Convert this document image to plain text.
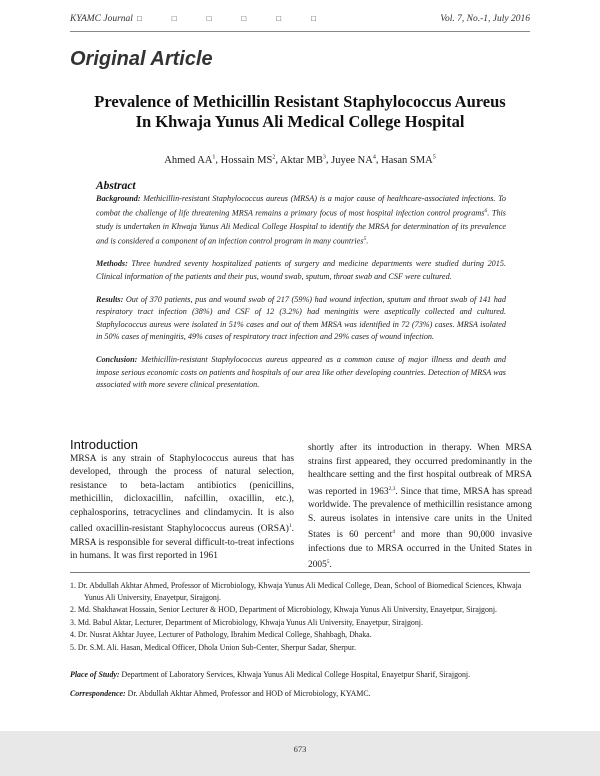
KYAMC Journal □ □ □ □ □ □	Vol. 7, No.-1, July 2016
Original Article
Prevalence of Methicillin Resistant Staphylococcus Aureus In Khwaja Yunus Ali Medical College Hospital
Ahmed $AA^1$, Hossain $MS^2$, Aktar $MB^3$, Juyee $NA^4$, Hasan SMA$^5$
Abstract

Background: Methicillin-resistant Staphylococcus aureus (MRSA) is a major cause of healthcare-associated infections. To combat the challenge of life threatening MRSA remains a primary focus of most hospital infection control programs$^6$. This study is undertaken in Khwaja Yunus Ali Medical College Hospital to identify the MRSA for determination of its prevalence and is considered a component of an infection control program in many countries$^5$.

Methods: Three hundred seventy hospitalized patients of surgery and medicine departments were studied during 2015. Clinical information of the patients and their pus, wound swab, sputum, throat swab and CSF were cultured.

Results: Out of 370 patients, pus and wound swab of 217 (59%) had wound infection, sputum and throat swab of 141 had respiratory tract infection (38%) and CSF of 12 (3.2%) had meningitis were aseptically collected and cultured. Staphylococcus aureus were isolated in 51% cases and out of them MRSA was identified in 72 (73%) cases. MRSA isolated in 50% cases of meningitis, 49% cases of respiratory tract infection and 29% cases of wound infection.

Conclusion: Methicillin-resistant Staphylococcus aureus appeared as a common cause of major illness and death and impose serious economic costs on patients and hospitals of our area like other developing countries. Detection of MRSA was associated with more severe clinical presentation.

Introduction

MRSA is any strain of Staphylococcus aureus that has developed, through the process of natural selection, resistance to beta-lactam antibiotics (penicillins, methicillin, dicloxacillin, nafcillin, oxacillin, etc.), cephalosporins, tetracyclines and clindamycin. It is also called oxacillin-resistant Staphylococcus aureus (ORSA)$^1$. MRSA is responsible for several difficult-to-treat infections in humans. It was first reported in 1961

shortly after its introduction in therapy. When MRSA strains first appeared, they occurred predominantly in the healthcare setting and the first hospital outbreak of MRSA was reported in 1963$^{2,3}$. Since that time, MRSA has spread worldwide. The prevalence of methicillin resistance among S. aureus isolates in intensive care units in the United States is 60 percent$^4$ and more than 90,000 invasive infections due to MRSA occurred in the United States in 2005$^5$.

1. Dr. Abdullah Akhtar Ahmed, Professor of Microbiology, Khwaja Yunus Ali Medical College, Dean, School of Biomedical Sciences, Khwaja Yunus Ali University, Enayetpur, Sirajgonj.
2. Md. Shakhawat Hossain, Senior Lecturer & HOD, Department of Microbiology, Khwaja Yunus Ali University, Enayetpur, Sirajgonj.
3. Md. Babul Aktar, Lecturer, Department of Microbiology, Khwaja Yunus Ali University, Enayetpur, Sirajgonj.
4. Dr. Nusrat Akhtar Juyee, Lecturer of Pathology, Ibrahim Medical College, Shahbagh, Dhaka.
5. Dr. S.M. Ali. Hasan, Medical Officer, Dhola Union Sub-Center, Sherpur Sadar, Sherpur.
Place of Study: Department of Laboratory Services, Khwaja Yunus Ali Medical College Hospital, Enayetpur Sharif, Sirajgonj.
Correspondence: Dr. Abdullah Akhtar Ahmed, Professor and HOD of Microbiology, KYAMC.
673
